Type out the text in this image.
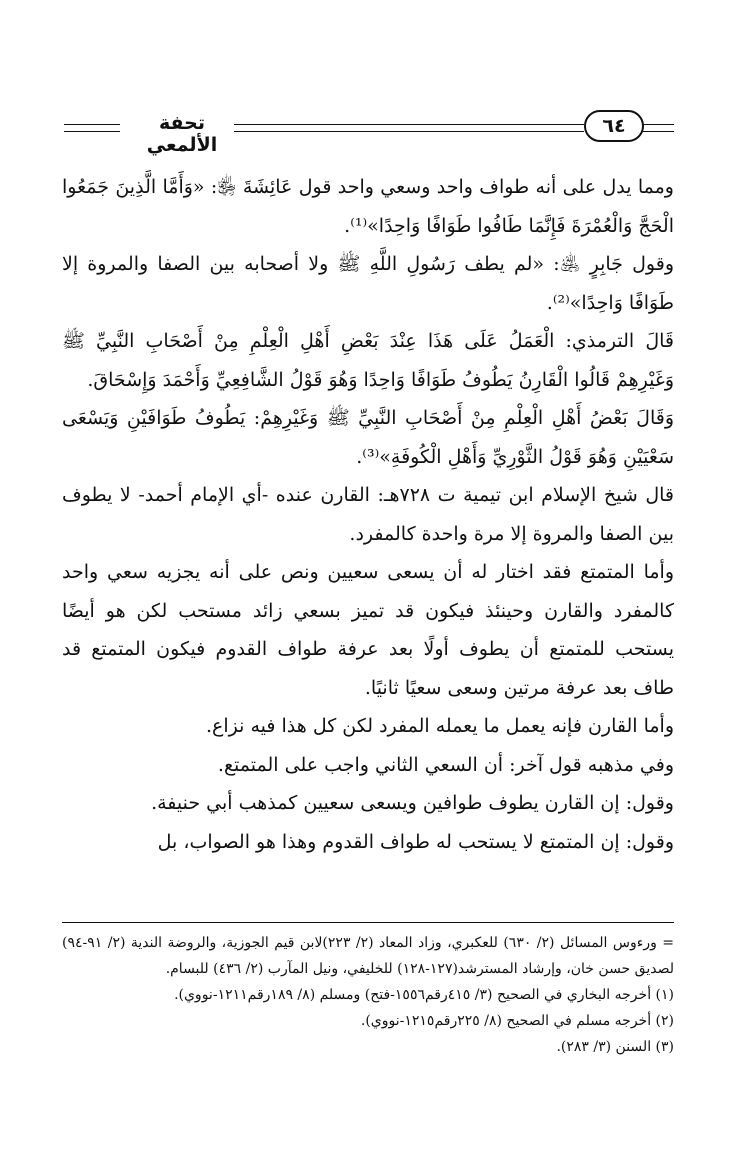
تحفة الألمعي
٦٤

ومما يدل على أنه طواف واحد وسعي واحد قول عَائِشَةَ ﵂: «وَأَمَّا الَّذِينَ جَمَعُوا الْحَجَّ وَالْعُمْرَةَ فَإِنَّمَا طَافُوا طَوَافًا وَاحِدًا»⁽¹⁾.

وقول جَابِرٍ ﵁: «لم يطف رَسُولِ اللَّهِ ﷺ ولا أصحابه بين الصفا والمروة إلا طَوَافًا وَاحِدًا»⁽²⁾.

قَالَ الترمذي: الْعَمَلُ عَلَى هَذَا عِنْدَ بَعْضِ أَهْلِ الْعِلْمِ مِنْ أَصْحَابِ النَّبِيِّ ﷺ وَغَيْرِهِمْ قَالُوا الْقَارِنُ يَطُوفُ طَوَافًا وَاحِدًا وَهُوَ قَوْلُ الشَّافِعِيِّ وَأَحْمَدَ وَإِسْحَاقَ.

وَقَالَ بَعْضُ أَهْلِ الْعِلْمِ مِنْ أَصْحَابِ النَّبِيِّ ﷺ وَغَيْرِهِمْ: يَطُوفُ طَوَافَيْنِ وَيَسْعَى سَعْيَيْنِ وَهُوَ قَوْلُ الثَّوْرِيِّ وَأَهْلِ الْكُوفَةِ»⁽³⁾.

قال شيخ الإسلام ابن تيمية ت ٧٢٨هـ: القارن عنده -أي الإمام أحمد- لا يطوف بين الصفا والمروة إلا مرة واحدة كالمفرد.

وأما المتمتع فقد اختار له أن يسعى سعيين ونص على أنه يجزيه سعي واحد كالمفرد والقارن وحينئذ فيكون قد تميز بسعي زائد مستحب لكن هو أيضًا يستحب للمتمتع أن يطوف أولًا بعد عرفة طواف القدوم فيكون المتمتع قد طاف بعد عرفة مرتين وسعى سعيًا ثانيًا.

وأما القارن فإنه يعمل ما يعمله المفرد لكن كل هذا فيه نزاع.

وفي مذهبه قول آخر: أن السعي الثاني واجب على المتمتع.

وقول: إن القارن يطوف طوافين ويسعى سعيين كمذهب أبي حنيفة.

وقول: إن المتمتع لا يستحب له طواف القدوم وهذا هو الصواب، بل

= ورءوس المسائل (٢/ ٦٣٠) للعكبري، وزاد المعاد (٢/ ٢٢٣)لابن قيم الجوزية، والروضة الندية (٢/ ٩١-٩٤) لصديق حسن خان، وإرشاد المسترشد(١٢٧-١٢٨) للخليفي، ونيل المآرب (٢/ ٤٣٦) للبسام.

(١) أخرجه البخاري في الصحيح (٣/ ٤١٥رقم١٥٥٦-فتح) ومسلم (٨/ ١٨٩رقم١٢١١-نووي).

(٢) أخرجه مسلم في الصحيح (٨/ ٢٢٥رقم١٢١٥-نووي).

(٣) السنن (٣/ ٢٨٣).
